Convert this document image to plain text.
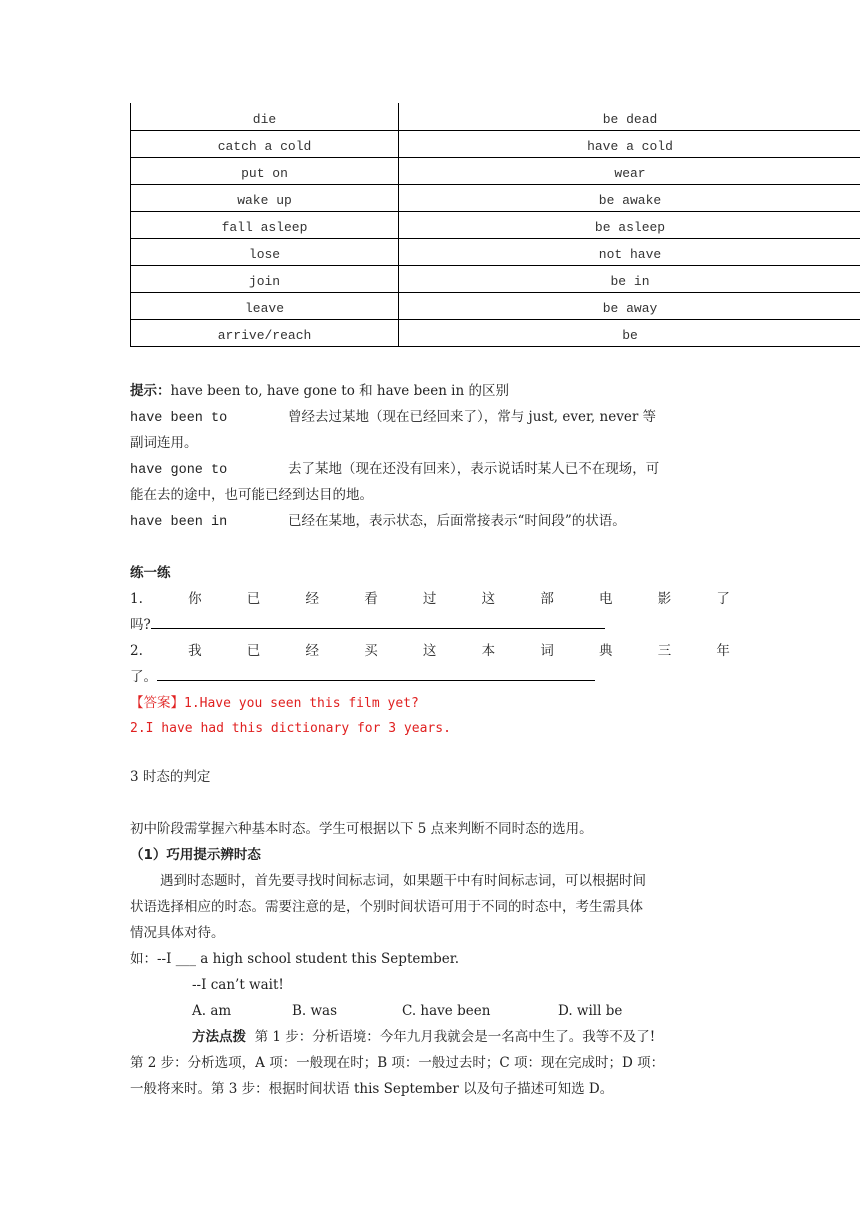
die	be dead
catch a cold	have a cold
put on	wear
wake up	be awake
fall asleep	be asleep
lose	not have
join	be in
leave	be away
arrive/reach	be
提示：have been to, have gone to 和 have been in 的区别
have been to	曾经去过某地（现在已经回来了），常与 just, ever, never 等
副词连用。
have gone to	去了某地（现在还没有回来），表示说话时某人已不在现场，可
能在去的途中，也可能已经到达目的地。
have been in	已经在某地，表示状态，后面常接表示“时间段”的状语。
练一练
1.	你	已	经	看	过	这	部	电	影	了
吗?
2.	我	已	经	买	这	本	词	典	三	年
了。
【答案】1.Have you seen this film yet?
2.I have had this dictionary for 3 years.
3 时态的判定
初中阶段需掌握六种基本时态。学生可根据以下 5 点来判断不同时态的选用。
（1）巧用提示辨时态
遇到时态题时，首先要寻找时间标志词，如果题干中有时间标志词，可以根据时间
状语选择相应的时态。需要注意的是，个别时间状语可用于不同的时态中，考生需具体
情况具体对待。
如：--I ___ a high school student this September.
--I can’t wait!
A. am	B. was	C. have been	D. will be
方法点拨 第 1 步：分析语境：今年九月我就会是一名高中生了。我等不及了!
第 2 步：分析选项，A 项：一般现在时；B 项：一般过去时；C 项：现在完成时；D 项：
一般将来时。第 3 步：根据时间状语 this September 以及句子描述可知选 D。
